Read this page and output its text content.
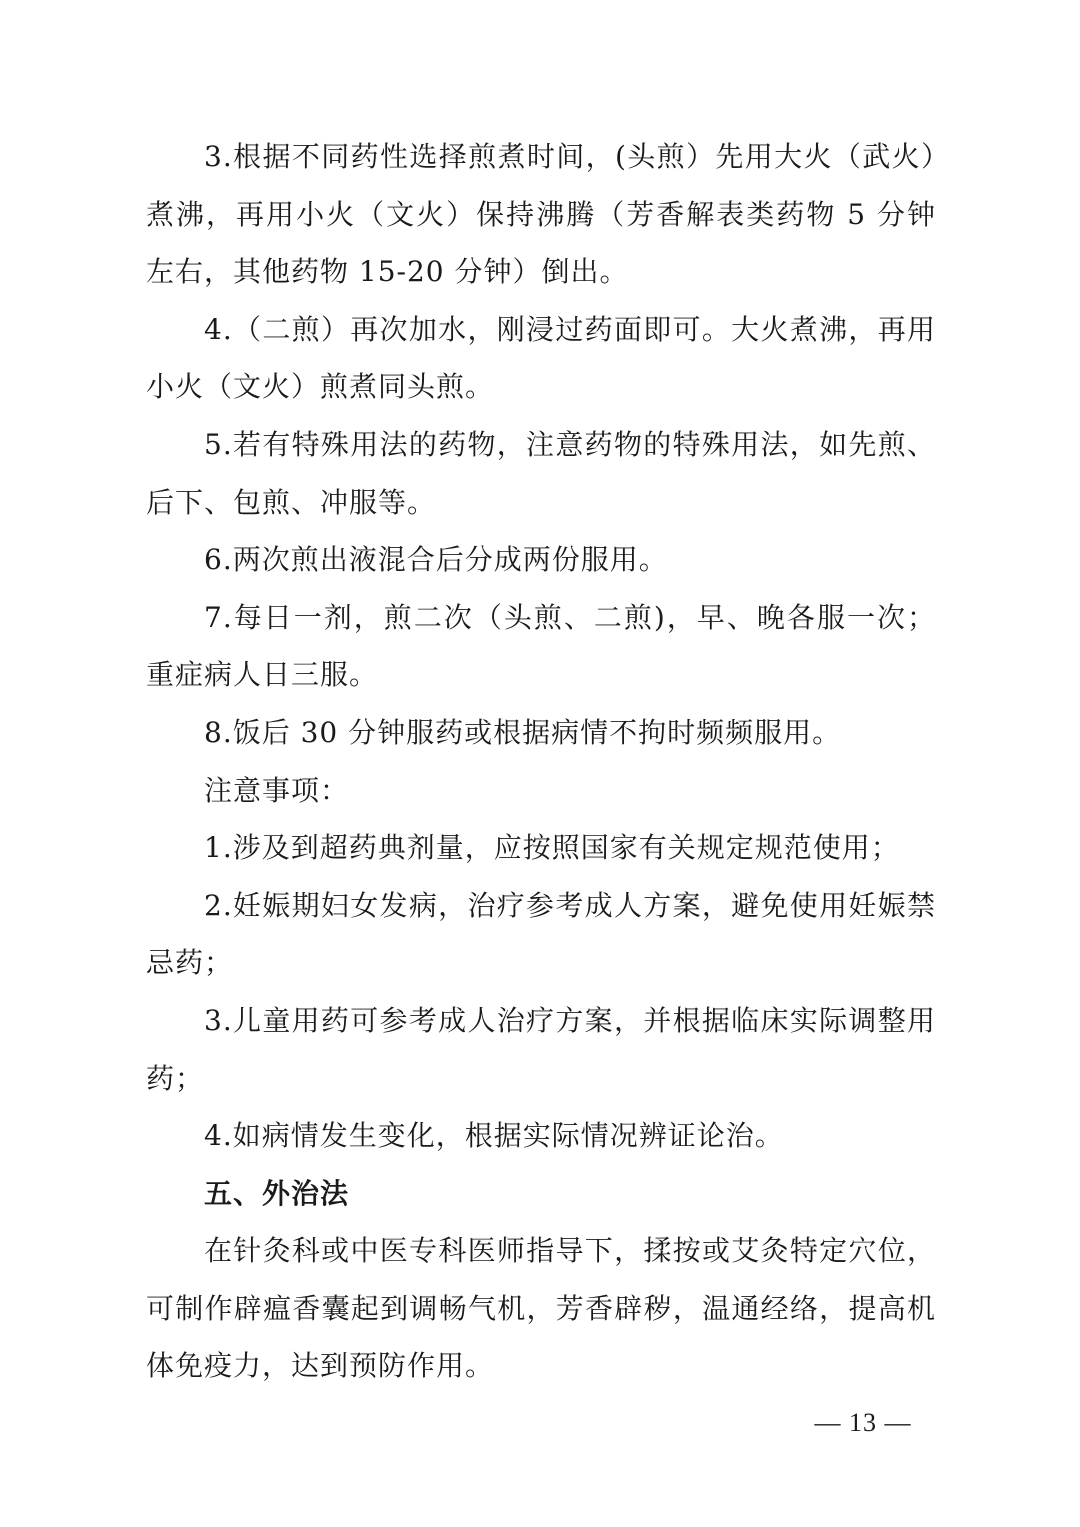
3.根据不同药性选择煎煮时间，(头煎）先用大火（武火）煮沸，再用小火（文火）保持沸腾（芳香解表类药物 5 分钟左右，其他药物 15-20 分钟）倒出。

4.（二煎）再次加水，刚浸过药面即可。大火煮沸，再用小火（文火）煎煮同头煎。

5.若有特殊用法的药物，注意药物的特殊用法，如先煎、后下、包煎、冲服等。

6.两次煎出液混合后分成两份服用。

7.每日一剂，煎二次（头煎、二煎)，早、晚各服一次；重症病人日三服。

8.饭后 30 分钟服药或根据病情不拘时频频服用。

注意事项：

1.涉及到超药典剂量，应按照国家有关规定规范使用；

2.妊娠期妇女发病，治疗参考成人方案，避免使用妊娠禁忌药；

3.儿童用药可参考成人治疗方案，并根据临床实际调整用药；

4.如病情发生变化，根据实际情况辨证论治。

五、外治法

在针灸科或中医专科医师指导下，揉按或艾灸特定穴位，可制作辟瘟香囊起到调畅气机，芳香辟秽，温通经络，提高机体免疫力，达到预防作用。

— 13 —
